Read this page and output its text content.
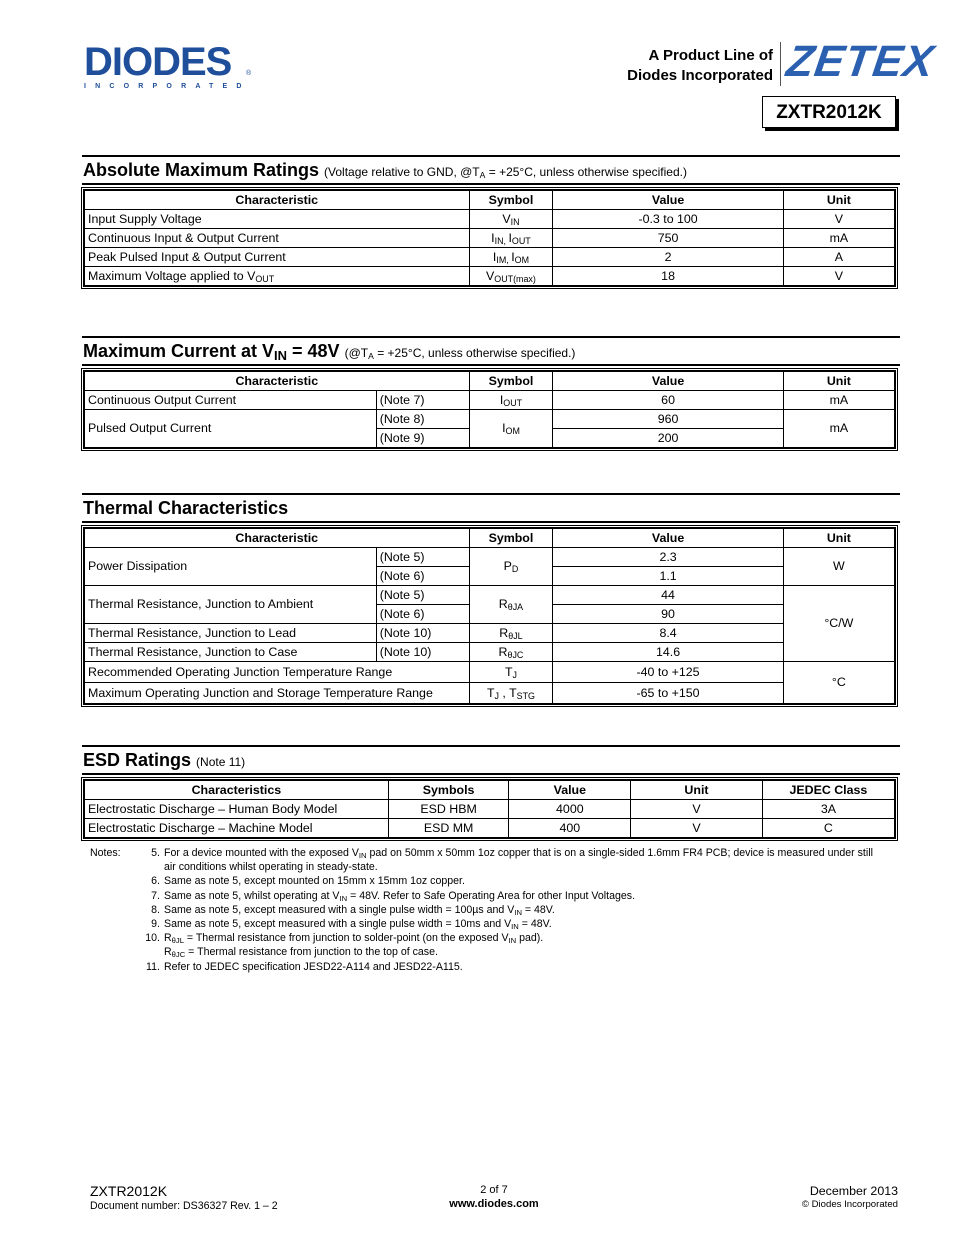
DIODES
INCORPORATED
®
A Product Line of
Diodes Incorporated ZETEX
ZXTR2012K
Absolute Maximum Ratings (Voltage relative to GND, $@T_A = +25^\circ C$, unless otherwise specified.)
Characteristic	Symbol	Value	Unit
Input Supply Voltage	$V_{IN}$	-0.3 to 100	V
Continuous Input & Output Current	$I_{IN,}$ $I_{OUT}$	750	mA
Peak Pulsed Input & Output Current	$I_{IM,}$ $I_{OM}$	2	A
Maximum Voltage applied to $V_{OUT}$	$V_{OUT(max)}$	18	V
Maximum Current at $V_{IN} = 48V$ ($@T_A = +25^\circ C$, unless otherwise specified.)
Characteristic		Symbol	Value	Unit
Continuous Output Current	(Note 7)	$I_{OUT}$	60	mA
Pulsed Output Current	(Note 8)	$I_{OM}$	960	mA
	(Note 9)		200	
Thermal Characteristics
Characteristic		Symbol	Value	Unit
Power Dissipation	(Note 5)	$P_D$	2.3	W
	(Note 6)		1.1	
Thermal Resistance, Junction to Ambient	(Note 5)	$R_{\theta JA}$	44	°C/W
	(Note 6)		90	
Thermal Resistance, Junction to Lead	(Note 10)	$R_{\theta JL}$	8.4	
Thermal Resistance, Junction to Case	(Note 10)	$R_{\theta JC}$	14.6	
Recommended Operating Junction Temperature Range		$T_J$	-40 to +125	°C
Maximum Operating Junction and Storage Temperature Range		$T_J$ , $T_{STG}$	-65 to +150	
ESD Ratings (Note 11)
Characteristics	Symbols	Value	Unit	JEDEC Class
Electrostatic Discharge – Human Body Model	ESD HBM	4000	V	3A
Electrostatic Discharge – Machine Model	ESD MM	400	V	C
Notes:	5. For a device mounted with the exposed $V_{IN}$ pad on 50mm x 50mm 1oz copper that is on a single-sided 1.6mm FR4 PCB; device is measured under still
air conditions whilst operating in steady-state.
6. Same as note 5, except mounted on 15mm x 15mm 1oz copper.
7. Same as note 5, whilst operating at $V_{IN} = 48V$. Refer to Safe Operating Area for other Input Voltages.
8. Same as note 5, except measured with a single pulse width = 100µs and $V_{IN} = 48V$.
9. Same as note 5, except measured with a single pulse width = 10ms and $V_{IN} = 48V$.
10. $R_{\theta JL}$ = Thermal resistance from junction to solder-point (on the exposed $V_{IN}$ pad).
$R_{\theta JC}$ = Thermal resistance from junction to the top of case.
11. Refer to JEDEC specification JESD22-A114 and JESD22-A115.
ZXTR2012K
Document number: DS36327 Rev. 1 – 2
2 of 7
www.diodes.com
December 2013
© Diodes Incorporated
